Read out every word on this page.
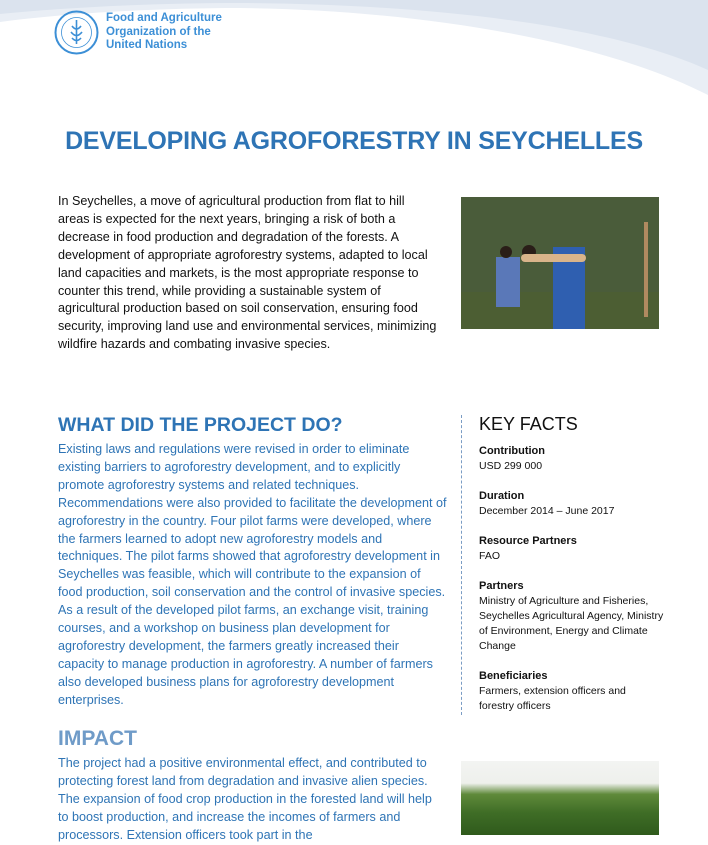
Food and Agriculture
Organization of the
United Nations
DEVELOPING AGROFORESTRY IN SEYCHELLES

In Seychelles, a move of agricultural production from flat to hill areas is expected for the next years, bringing a risk of both a decrease in food production and degradation of the forests. A development of appropriate agroforestry systems, adapted to local land capacities and markets, is the most appropriate response to counter this trend, while providing a sustainable system of agricultural production based on soil conservation, ensuring food security, improving land use and environmental services, minimizing wildfire hazards and combating invasive species.

WHAT DID THE PROJECT DO?

Existing laws and regulations were revised in order to eliminate existing barriers to agroforestry development, and to explicitly promote agroforestry systems and related techniques. Recommendations were also provided to facilitate the development of agroforestry in the country. Four pilot farms were developed, where the farmers learned to adopt new agroforestry models and techniques. The pilot farms showed that agroforestry development in Seychelles was feasible, which will contribute to the expansion of food production, soil conservation and the control of invasive species. As a result of the developed pilot farms, an exchange visit, training courses, and a workshop on business plan development for agroforestry development, the farmers greatly increased their capacity to manage production in agroforestry. A number of farmers also developed business plans for agroforestry development enterprises.

KEY FACTS
Contribution
USD 299 000
Duration
December 2014 – June 2017
Resource Partners
FAO
Partners
Ministry of Agriculture and Fisheries, Seychelles Agricultural Agency, Ministry of Environment, Energy and Climate Change
Beneficiaries
Farmers, extension officers and forestry officers
IMPACT

The project had a positive environmental effect, and contributed to protecting forest land from degradation and invasive alien species. The expansion of food crop production in the forested land will help to boost production, and increase the incomes of farmers and processors. Extension officers took part in the
